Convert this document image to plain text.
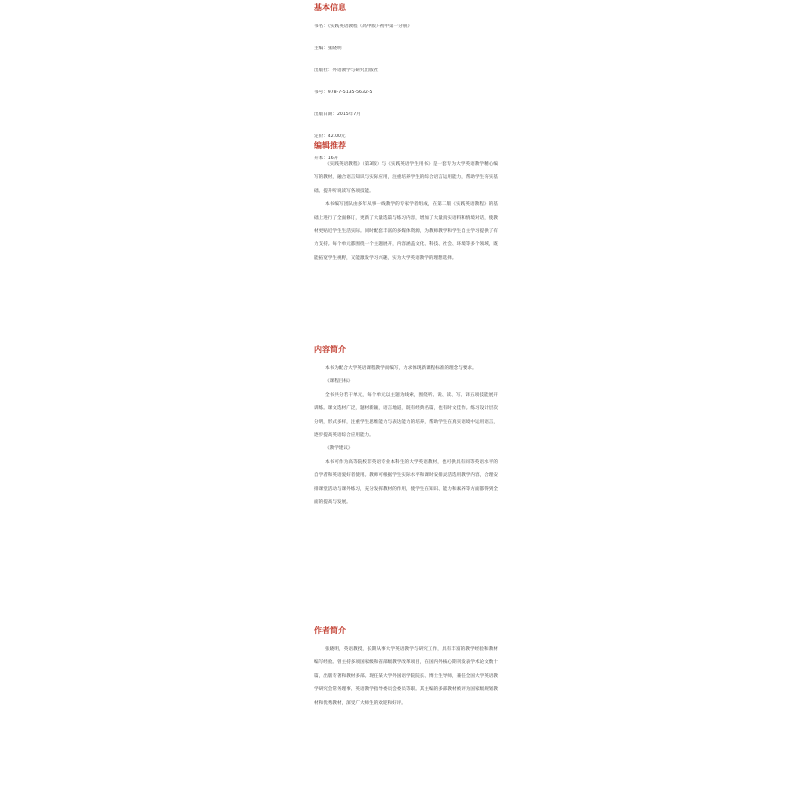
基本信息
书名：《实践英语教程（高中版）·初中第一分册》
主编：张晓明
出版社：外语教学与研究出版社
书号：978-7-5135-5632-5
出版日期：2015年7月
定价：42.00元
开本：16开
编辑推荐

《实践英语教程》（第3版）与《实践英语学生用书》是一套专为大学英语教学精心编写的教材，融合语言知识与实际应用，注重培养学生的综合语言运用能力，帮助学生夯实基础、提升听说读写各项技能。

本书编写团队由多年从事一线教学的专家学者组成，在第二版《实践英语教程》的基础上进行了全面修订，更新了大量选篇与练习内容，增加了大量真实语料和情境对话，使教材更贴近学生生活实际。同时配套丰富的多媒体资源，为教师教学和学生自主学习提供了有力支持。每个单元都围绕一个主题展开，内容涵盖文化、科技、社会、环境等多个领域，既能拓宽学生视野，又能激发学习兴趣，实为大学英语教学的理想选择。

内容简介

本书为配合大学英语课程教学而编写，力求体现新课程标准的理念与要求。

《课程目标》

全书共分若干单元，每个单元以主题为线索，围绕听、说、读、写、译五项技能展开训练。课文选材广泛，题材新颖，语言地道，既有经典名篇，也有时文佳作。练习设计层次分明，形式多样，注重学生思维能力与表达能力的培养，帮助学生在真实语境中运用语言，逐步提高英语综合应用能力。

《教学建议》

本书可作为高等院校非英语专业本科生的大学英语教材，也可供具有同等英语水平的自学者和英语爱好者使用。教师可根据学生实际水平和课时安排灵活选用教学内容，合理安排课堂活动与课外练习，充分发挥教材的作用，使学生在知识、能力和素养等方面都得到全面的提高与发展。

作者简介

张晓明，英语教授，长期从事大学英语教学与研究工作，具有丰富的教学经验和教材编写经验。曾主持多项国家级和省部级教学改革项目，在国内外核心期刊发表学术论文数十篇，出版专著和教材多部。现任某大学外国语学院院长、博士生导师，兼任全国大学英语教学研究会常务理事、英语教学指导委员会委员等职。其主编的多部教材被评为国家级规划教材和优秀教材，深受广大师生的欢迎和好评。
